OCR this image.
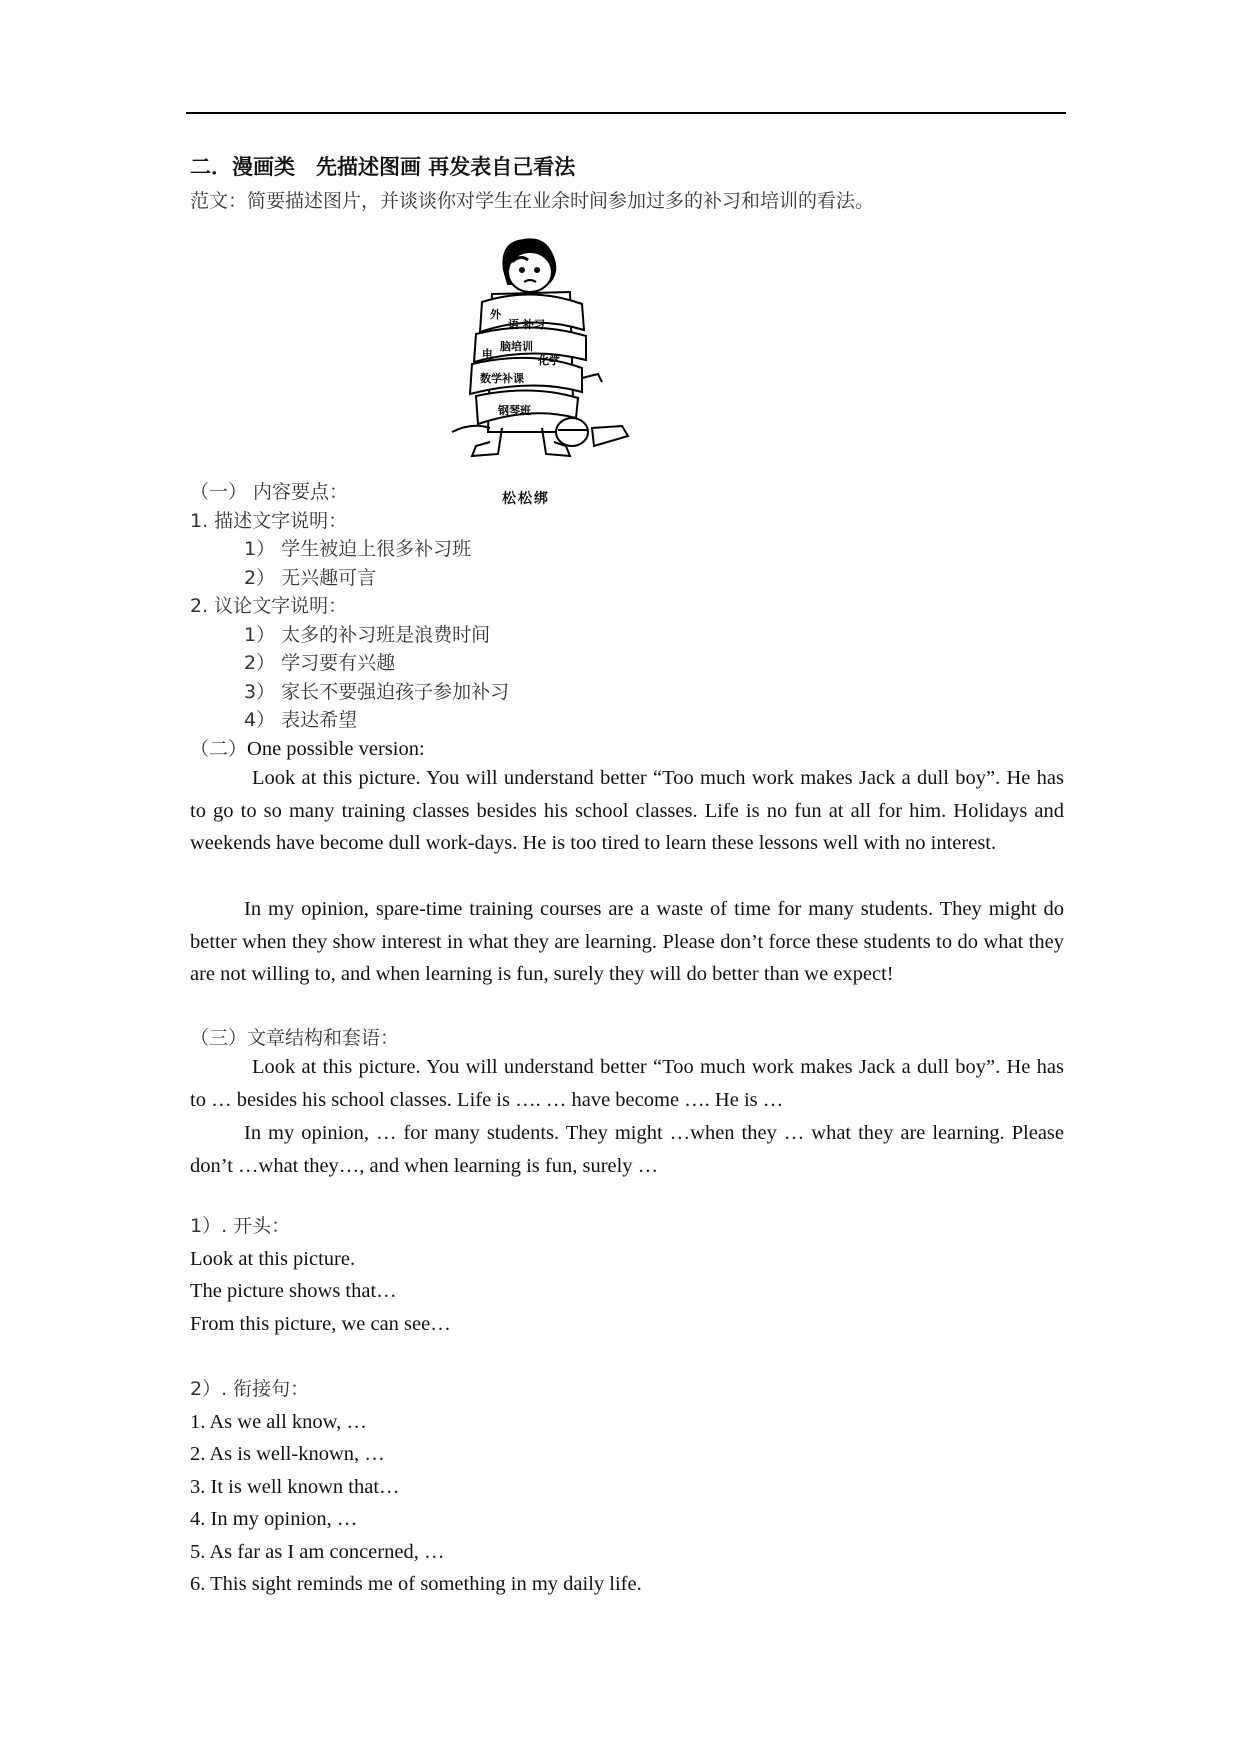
二．漫画类　先描述图画 再发表自己看法
范文：简要描述图片，并谈谈你对学生在业余时间参加过多的补习和培训的看法。
外
语 补习
电
脑培训
化学
数学补课
钢琴班
松松绑
（一） 内容要点：
1. 描述文字说明：
1） 学生被迫上很多补习班
2） 无兴趣可言
2. 议论文字说明：
1） 太多的补习班是浪费时间
2） 学习要有兴趣
3） 家长不要强迫孩子参加补习
4） 表达希望
（二）One possible version:
Look at this picture. You will understand better “Too much work makes Jack a dull boy”. He has to go to so many training classes besides his school classes. Life is no fun at all for him. Holidays and weekends have become dull work-days. He is too tired to learn these lessons well with no interest.
In my opinion, spare-time training courses are a waste of time for many students. They might do better when they show interest in what they are learning. Please don’t force these students to do what they are not willing to, and when learning is fun, surely they will do better than we expect!
（三）文章结构和套语：
Look at this picture. You will understand better “Too much work makes Jack a dull boy”. He has to … besides his school classes. Life is …. … have become …. He is …
In my opinion, … for many students. They might …when they … what they are learning. Please don’t …what they…, and when learning is fun, surely …
1）. 开头：
Look at this picture.
The picture shows that…
From this picture, we can see…
2）. 衔接句：
1. As we all know, …
2. As is well-known, …
3. It is well known that…
4. In my opinion, …
5. As far as I am concerned, …
6. This sight reminds me of something in my daily life.
